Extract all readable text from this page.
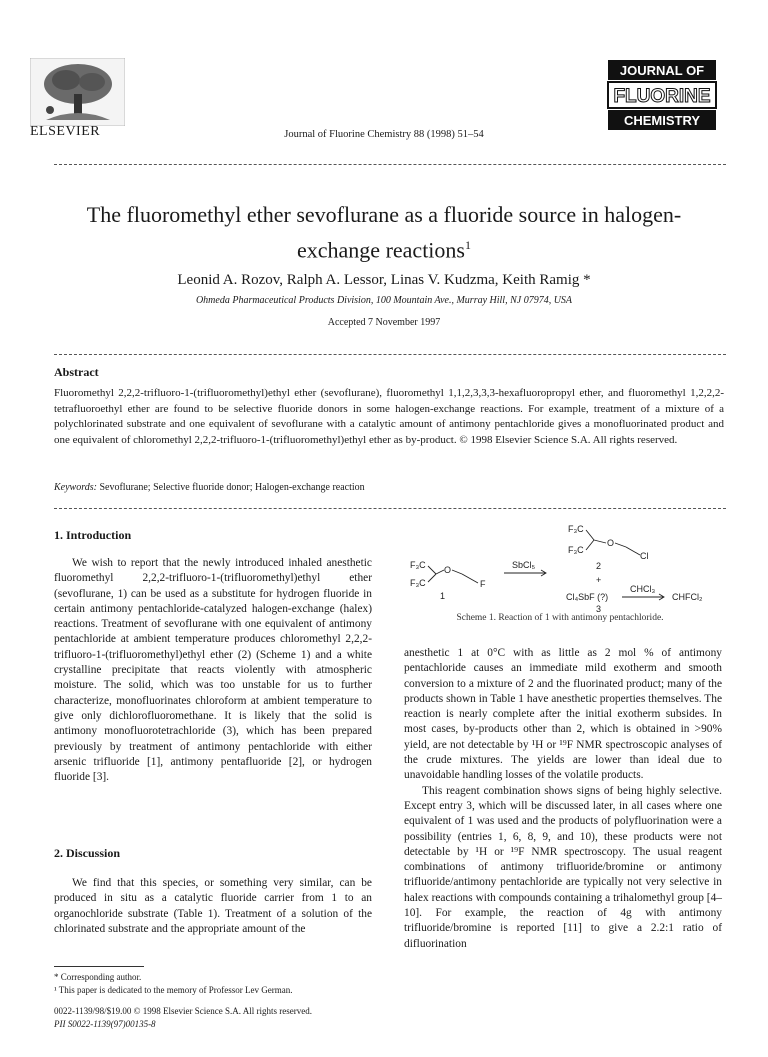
ELSEVIER	Journal of Fluorine Chemistry 88 (1998) 51–54
JOURNAL OF
FLUORINE
CHEMISTRY
The fluoromethyl ether sevoflurane as a fluoride source in halogen-exchange reactions$^1$
Leonid A. Rozov, Ralph A. Lessor, Linas V. Kudzma, Keith Ramig *
Ohmeda Pharmaceutical Products Division, 100 Mountain Ave., Murray Hill, NJ 07974, USA
Accepted 7 November 1997
Abstract
Fluoromethyl 2,2,2-trifluoro-1-(trifluoromethyl)ethyl ether (sevoflurane), fluoromethyl 1,1,2,3,3,3-hexafluoropropyl ether, and fluoromethyl 1,2,2,2-tetrafluoroethyl ether are found to be selective fluoride donors in some halogen-exchange reactions. For example, treatment of a mixture of a polychlorinated substrate and one equivalent of sevoflurane with a catalytic amount of antimony pentachloride gives a monofluorinated product and one equivalent of chloromethyl 2,2,2-trifluoro-1-(trifluoromethyl)ethyl ether as by-product. © 1998 Elsevier Science S.A. All rights reserved.
Keywords: Sevoflurane; Selective fluoride donor; Halogen-exchange reaction
1. Introduction

We wish to report that the newly introduced inhaled anesthetic fluoromethyl 2,2,2-trifluoro-1-(trifluoromethyl)ethyl ether (sevoflurane, 1) can be used as a substitute for hydrogen fluoride in certain antimony pentachloride-catalyzed halogen-exchange (halex) reactions. Treatment of sevoflurane with one equivalent of antimony pentachloride at ambient temperature produces chloromethyl 2,2,2-trifluoro-1-(trifluoromethyl)ethyl ether (2) (Scheme 1) and a white crystalline precipitate that reacts violently with atmospheric moisture. The solid, which was too unstable for us to further characterize, monofluorinates chloroform at ambient temperature to give only dichlorofluoromethane. It is likely that the solid is antimony monofluorotetrachloride (3), which has been prepared previously by treatment of antimony pentachloride with either arsenic trifluoride [1], antimony pentafluoride [2], or hydrogen fluoride [3].

2. Discussion

We find that this species, or something very similar, can be produced in situ as a catalytic fluoride carrier from 1 to an organochloride substrate (Table 1). Treatment of a solution of the chlorinated substrate and the appropriate amount of the

* Corresponding author.
¹ This paper is dedicated to the memory of Professor Lev German.
0022-1139/98/$19.00 © 1998 Elsevier Science S.A. All rights reserved.
PII S0022-1139(97)00135-8
F₃C
F₃C
O
F
1
SbCl₅
F₃C
F₃C
O
Cl
2
+
Cl₄SbF (?)
3
CHCl₃
CHFCl₂
Scheme 1. Reaction of 1 with antimony pentachloride.

anesthetic 1 at 0°C with as little as 2 mol % of antimony pentachloride causes an immediate mild exotherm and smooth conversion to a mixture of 2 and the fluorinated product; many of the products shown in Table 1 have anesthetic properties themselves. The reaction is nearly complete after the initial exotherm subsides. In most cases, by-products other than 2, which is obtained in >90% yield, are not detectable by ¹H or ¹⁹F NMR spectroscopic analyses of the crude mixtures. The yields are lower than ideal due to unavoidable handling losses of the volatile products.

This reagent combination shows signs of being highly selective. Except entry 3, which will be discussed later, in all cases where one equivalent of 1 was used and the products of polyfluorination were a possibility (entries 1, 6, 8, 9, and 10), these products were not detectable by ¹H or ¹⁹F NMR spectroscopy. The usual reagent combinations of antimony trifluoride/bromine or antimony trifluoride/antimony pentachloride are typically not very selective in halex reactions with compounds containing a trihalomethyl group [4–10]. For example, the reaction of 4g with antimony trifluoride/bromine is reported [11] to give a 2.2:1 ratio of difluorination
